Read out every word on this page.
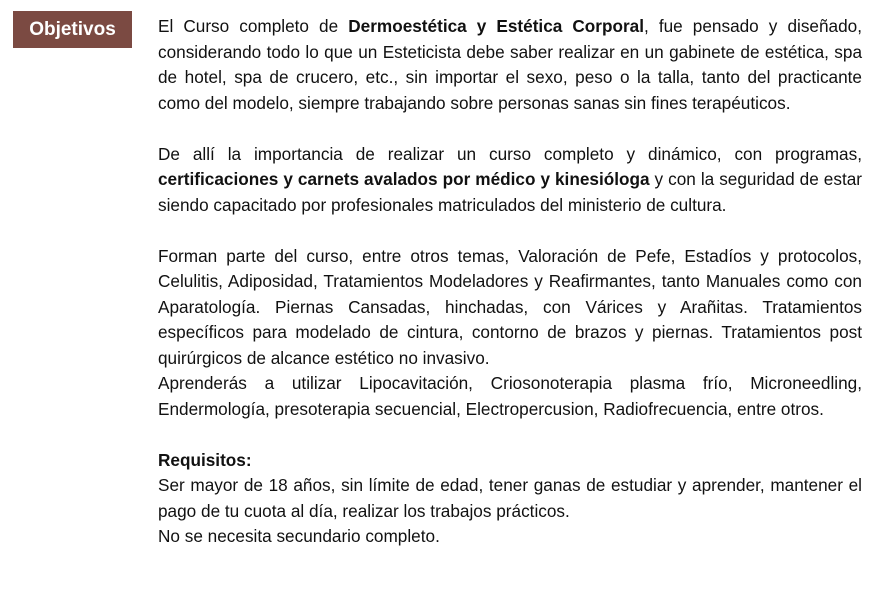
Objetivos El Curso completo de Dermoestética y Estética Corporal, fue pensado y diseñado, considerando todo lo que un Esteticista debe saber realizar en un gabinete de estética, spa de hotel, spa de crucero, etc., sin importar el sexo, peso o la talla, tanto del practicante como del modelo, siempre trabajando sobre personas sanas sin fines terapéuticos.

De allí la importancia de realizar un curso completo y dinámico, con programas, certificaciones y carnets avalados por médico y kinesióloga y con la seguridad de estar siendo capacitado por profesionales matriculados del ministerio de cultura.

Forman parte del curso, entre otros temas, Valoración de Pefe, Estadíos y protocolos, Celulitis, Adiposidad, Tratamientos Modeladores y Reafirmantes, tanto Manuales como con Aparatología. Piernas Cansadas, hinchadas, con Várices y Arañitas. Tratamientos específicos para modelado de cintura, contorno de brazos y piernas. Tratamientos post quirúrgicos de alcance estético no invasivo.

Aprenderás a utilizar Lipocavitación, Criosonoterapia plasma frío, Microneedling, Endermología, presoterapia secuencial, Electropercusion, Radiofrecuencia, entre otros.

Requisitos:

Ser mayor de 18 años, sin límite de edad, tener ganas de estudiar y aprender, mantener el pago de tu cuota al día, realizar los trabajos prácticos.

No se necesita secundario completo.
